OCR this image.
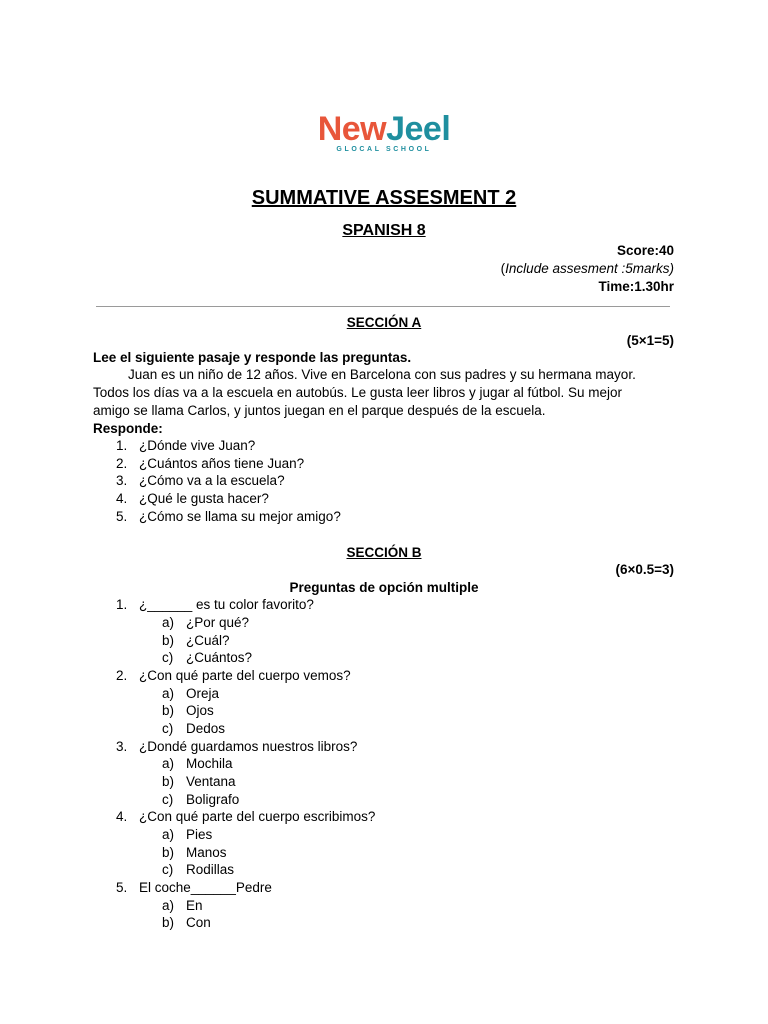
NewJeel
GLOCAL SCHOOL
SUMMATIVE ASSESMENT 2
SPANISH 8
Score:40
(Include assesment :5marks)
Time:1.30hr
SECCIÓN A
(5×1=5)
Lee el siguiente pasaje y responde las preguntas.
Juan es un niño de 12 años. Vive en Barcelona con sus padres y su hermana mayor.
Todos los días va a la escuela en autobús. Le gusta leer libros y jugar al fútbol. Su mejor
amigo se llama Carlos, y juntos juegan en el parque después de la escuela.
Responde:
1. ¿Dónde vive Juan?
2. ¿Cuántos años tiene Juan?
3. ¿Cómo va a la escuela?
4. ¿Qué le gusta hacer?
5. ¿Cómo se llama su mejor amigo?
SECCIÓN B
(6×0.5=3)
Preguntas de opción multiple
1. ¿______ es tu color favorito?
a) ¿Por qué?
b) ¿Cuál?
c) ¿Cuántos?
2. ¿Con qué parte del cuerpo vemos?
a) Oreja
b) Ojos
c) Dedos
3. ¿Dondé guardamos nuestros libros?
a) Mochila
b) Ventana
c) Boligrafo
4. ¿Con qué parte del cuerpo escribimos?
a) Pies
b) Manos
c) Rodillas
5. El coche______Pedre
a) En
b) Con
